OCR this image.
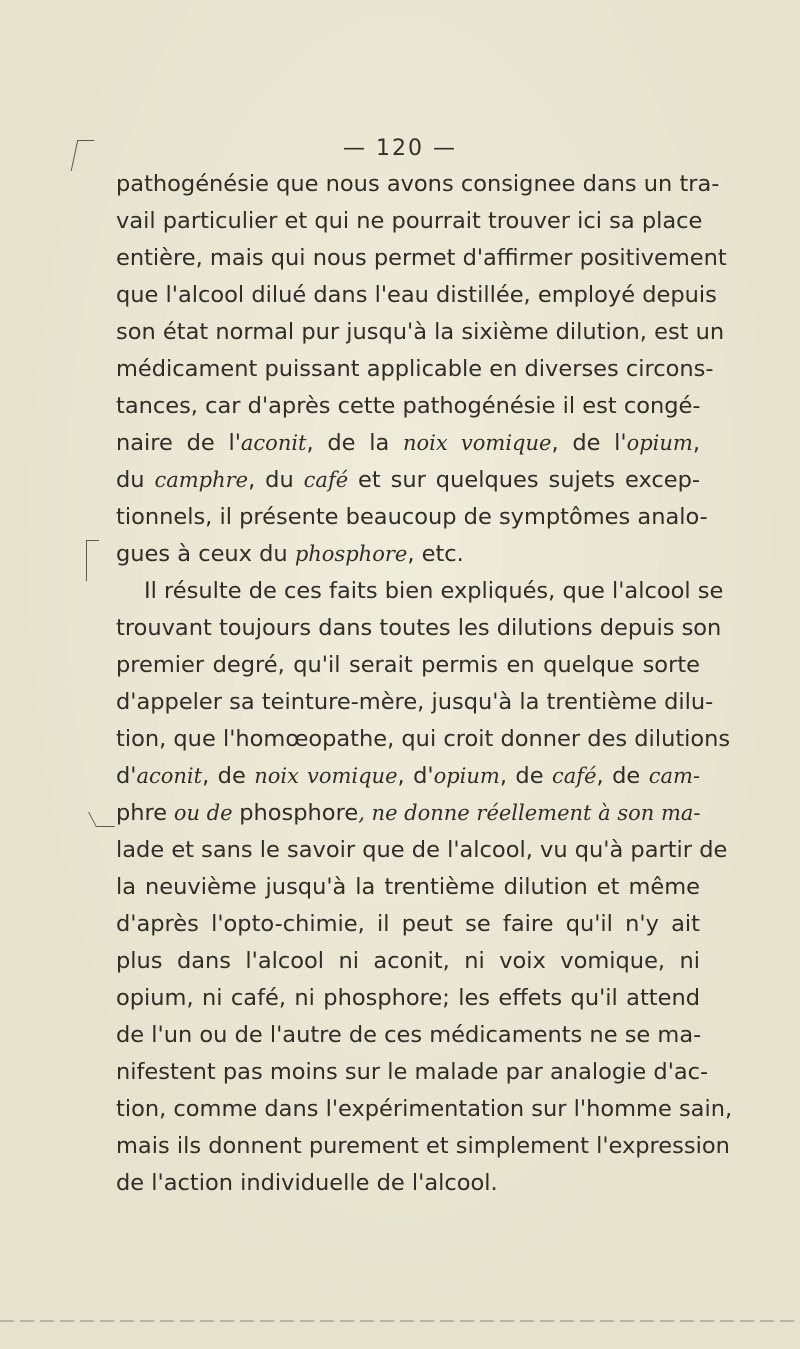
— 120 —
pathogénésie que nous avons consignee dans un tra-
vail particulier et qui ne pourrait trouver ici sa place
entière, mais qui nous permet d'affirmer positivement
que l'alcool dilué dans l'eau distillée, employé depuis
son état normal pur jusqu'à la sixième dilution, est un
médicament puissant applicable en diverses circons-
tances, car d'après cette pathogénésie il est congé-
naire de l'aconit, de la noix vomique, de l'opium,
du camphre, du café et sur quelques sujets excep-
tionnels, il présente beaucoup de symptômes analo-
gues à ceux du phosphore, etc.
Il résulte de ces faits bien expliqués, que l'alcool se
trouvant toujours dans toutes les dilutions depuis son
premier degré, qu'il serait permis en quelque sorte
d'appeler sa teinture-mère, jusqu'à la trentième dilu-
tion, que l'homœopathe, qui croit donner des dilutions
d'aconit, de noix vomique, d'opium, de café, de cam-
phre ou de phosphore, ne donne réellement à son ma-
lade et sans le savoir que de l'alcool, vu qu'à partir de
la neuvième jusqu'à la trentième dilution et même
d'après l'opto-chimie, il peut se faire qu'il n'y ait
plus dans l'alcool ni aconit, ni voix vomique, ni
opium, ni café, ni phosphore; les effets qu'il attend
de l'un ou de l'autre de ces médicaments ne se ma-
nifestent pas moins sur le malade par analogie d'ac-
tion, comme dans l'expérimentation sur l'homme sain,
mais ils donnent purement et simplement l'expression
de l'action individuelle de l'alcool.
